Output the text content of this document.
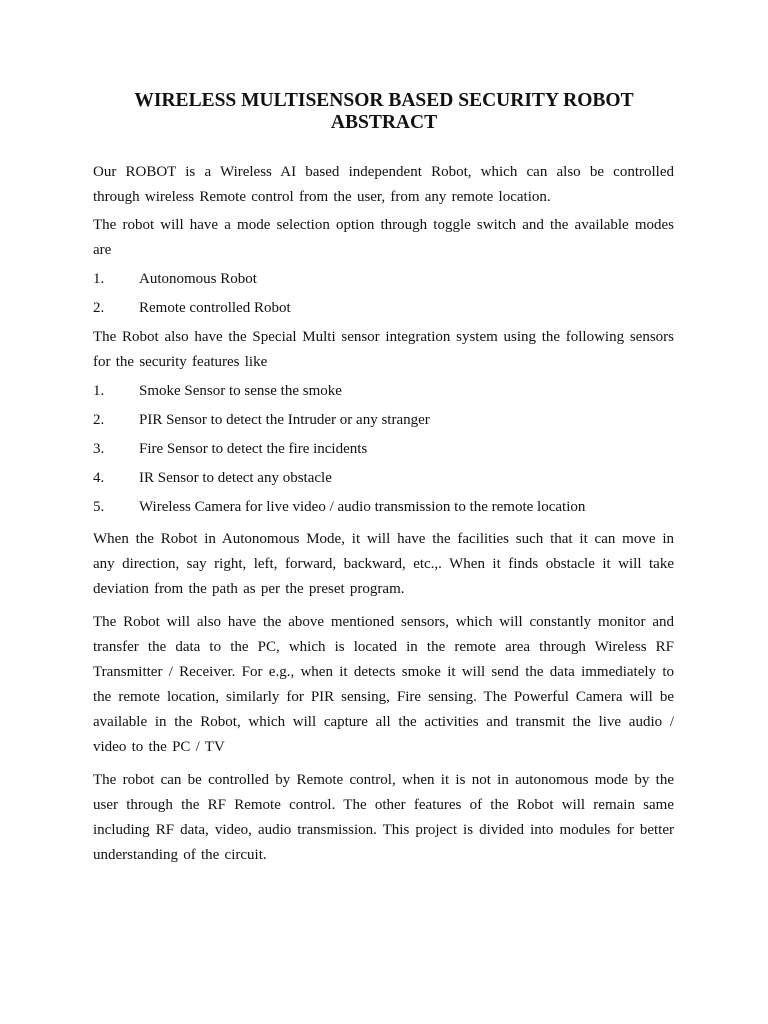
WIRELESS MULTISENSOR BASED SECURITY ROBOT
ABSTRACT

Our ROBOT is a Wireless AI based independent Robot, which can also be controlled through wireless Remote control from the user, from any remote location.

The robot will have a mode selection option through toggle switch and the available modes are

1. Autonomous Robot

2. Remote controlled Robot

The Robot also have the Special Multi sensor integration system using the following sensors for the security features like

1. Smoke Sensor to sense the smoke

2. PIR Sensor to detect the Intruder or any stranger

3. Fire Sensor to detect the fire incidents

4. IR Sensor to detect any obstacle

5. Wireless Camera for live video / audio transmission to the remote location

When the Robot in Autonomous Mode, it will have the facilities such that it can move in any direction, say right, left, forward, backward, etc.,. When it finds obstacle it will take deviation from the path as per the preset program.

The Robot will also have the above mentioned sensors, which will constantly monitor and transfer the data to the PC, which is located in the remote area through Wireless RF Transmitter / Receiver. For e.g., when it detects smoke it will send the data immediately to the remote location, similarly for PIR sensing, Fire sensing. The Powerful Camera will be available in the Robot, which will capture all the activities and transmit the live audio / video to the PC / TV

The robot can be controlled by Remote control, when it is not in autonomous mode by the user through the RF Remote control. The other features of the Robot will remain same including RF data, video, audio transmission. This project is divided into modules for better understanding of the circuit.
